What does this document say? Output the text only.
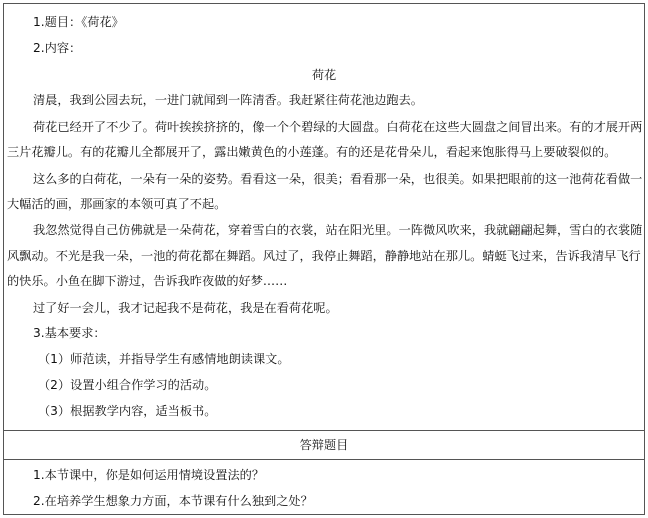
1.题目：《荷花》
2.内容：
荷花
清晨，我到公园去玩，一进门就闻到一阵清香。我赶紧往荷花池边跑去。
荷花已经开了不少了。荷叶挨挨挤挤的，像一个个碧绿的大圆盘。白荷花在这些大圆盘之间冒出来。有的才展开两
三片花瓣儿。有的花瓣儿全都展开了，露出嫩黄色的小莲蓬。有的还是花骨朵儿，看起来饱胀得马上要破裂似的。
这么多的白荷花，一朵有一朵的姿势。看看这一朵，很美；看看那一朵，也很美。如果把眼前的这一池荷花看做一
大幅活的画，那画家的本领可真了不起。
我忽然觉得自己仿佛就是一朵荷花，穿着雪白的衣裳，站在阳光里。一阵微风吹来，我就翩翩起舞，雪白的衣裳随
风飘动。不光是我一朵，一池的荷花都在舞蹈。风过了，我停止舞蹈，静静地站在那儿。蜻蜓飞过来，告诉我清早飞行
的快乐。小鱼在脚下游过，告诉我昨夜做的好梦……
过了好一会儿，我才记起我不是荷花，我是在看荷花呢。
3.基本要求：
（1）师范读，并指导学生有感情地朗读课文。
（2）设置小组合作学习的活动。
（3）根据教学内容，适当板书。
答辩题目
1.本节课中，你是如何运用情境设置法的？
2.在培养学生想象力方面，本节课有什么独到之处？
